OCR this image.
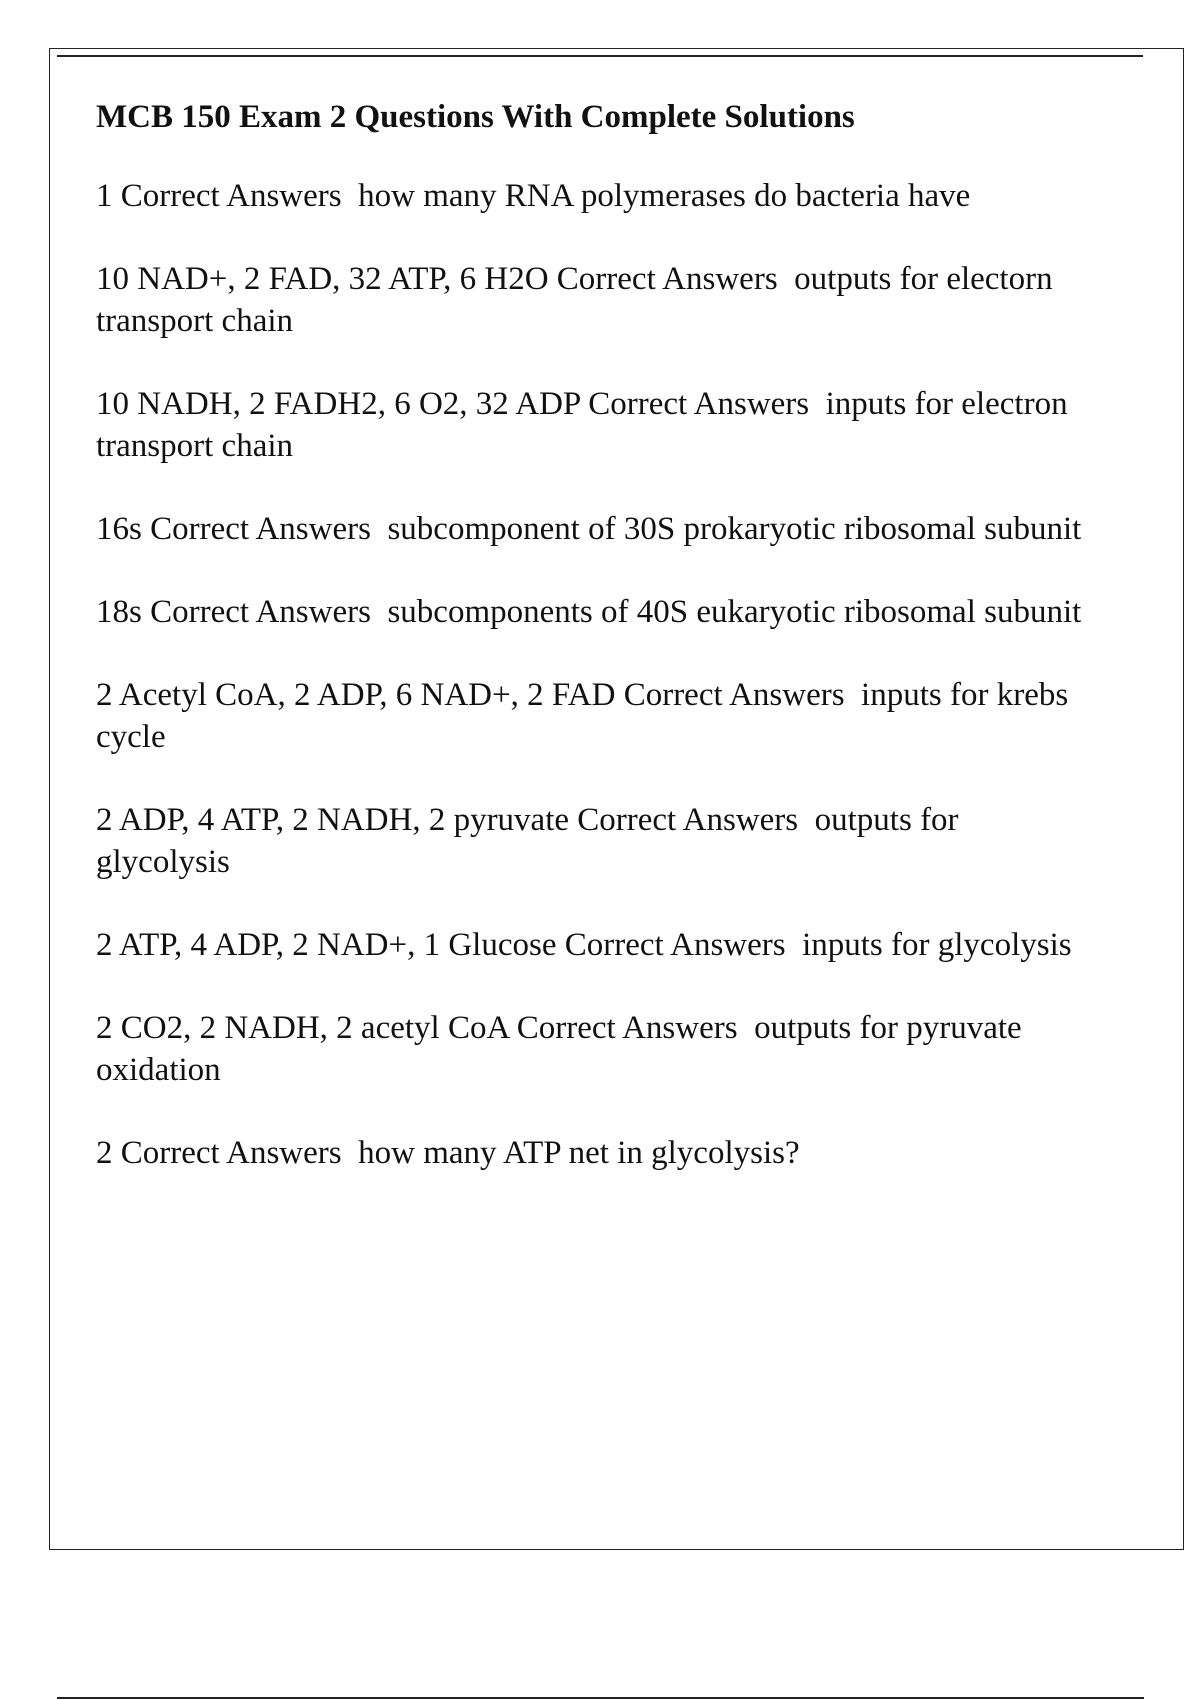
MCB 150 Exam 2 Questions With Complete Solutions
1 Correct Answers  how many RNA polymerases do bacteria have
10 NAD+, 2 FAD, 32 ATP, 6 H2O Correct Answers  outputs for electorn transport chain
10 NADH, 2 FADH2, 6 O2, 32 ADP Correct Answers  inputs for electron transport chain
16s Correct Answers  subcomponent of 30S prokaryotic ribosomal subunit
18s Correct Answers  subcomponents of 40S eukaryotic ribosomal subunit
2 Acetyl CoA, 2 ADP, 6 NAD+, 2 FAD Correct Answers  inputs for krebs cycle
2 ADP, 4 ATP, 2 NADH, 2 pyruvate Correct Answers  outputs for glycolysis
2 ATP, 4 ADP, 2 NAD+, 1 Glucose Correct Answers  inputs for glycolysis
2 CO2, 2 NADH, 2 acetyl CoA Correct Answers  outputs for pyruvate oxidation
2 Correct Answers  how many ATP net in glycolysis?
